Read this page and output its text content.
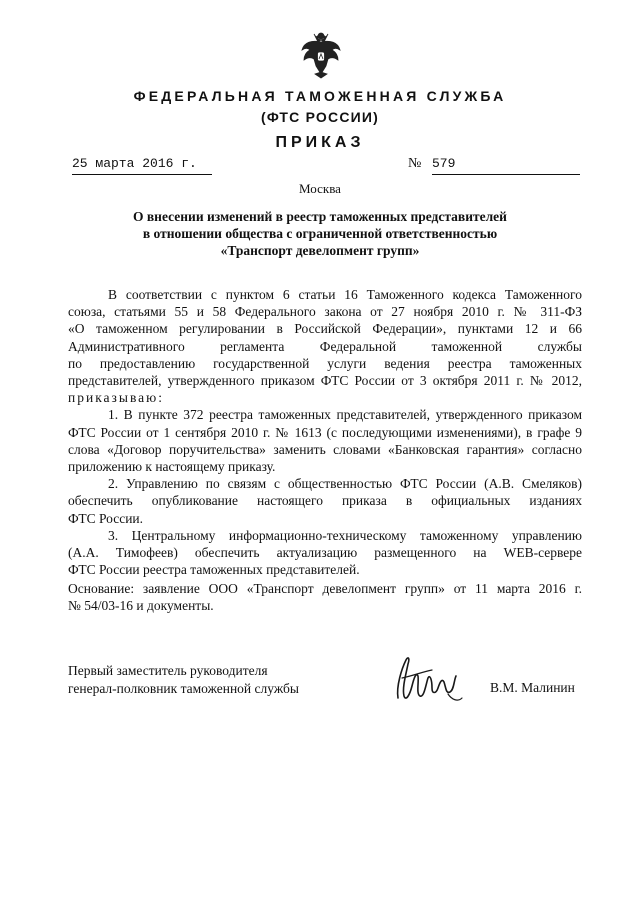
ФЕДЕРАЛЬНАЯ ТАМОЖЕННАЯ СЛУЖБА
(ФТС РОССИИ)
ПРИКАЗ
25 марта 2016 г.	№ 579
Москва
О внесении изменений в реестр таможенных представителей
в отношении общества с ограниченной ответственностью
«Транспорт девелопмент групп»
В соответствии с пунктом 6 статьи 16 Таможенного кодекса Таможенного
союза, статьями 55 и 58 Федерального закона от 27 ноября 2010 г. № 311-ФЗ
«О таможенном регулировании в Российской Федерации», пунктами 12 и 66
Административного регламента Федеральной таможенной службы
по предоставлению государственной услуги ведения реестра таможенных
представителей, утвержденного приказом ФТС России от 3 октября 2011 г. № 2012,
приказываю:
1. В пункте 372 реестра таможенных представителей, утвержденного приказом
ФТС России от 1 сентября 2010 г. № 1613 (с последующими изменениями), в графе 9
слова «Договор поручительства» заменить словами «Банковская гарантия» согласно
приложению к настоящему приказу.
2. Управлению по связям с общественностью ФТС России (А.В. Смеляков)
обеспечить опубликование настоящего приказа в официальных изданиях
ФТС России.
3. Центральному информационно-техническому таможенному управлению
(А.А. Тимофеев) обеспечить актуализацию размещенного на WEB-сервере
ФТС России реестра таможенных представителей.
Основание: заявление ООО «Транспорт девелопмент групп» от 11 марта 2016 г.
№ 54/03-16 и документы.
Первый заместитель руководителя
генерал-полковник таможенной службы	В.М. Малинин
